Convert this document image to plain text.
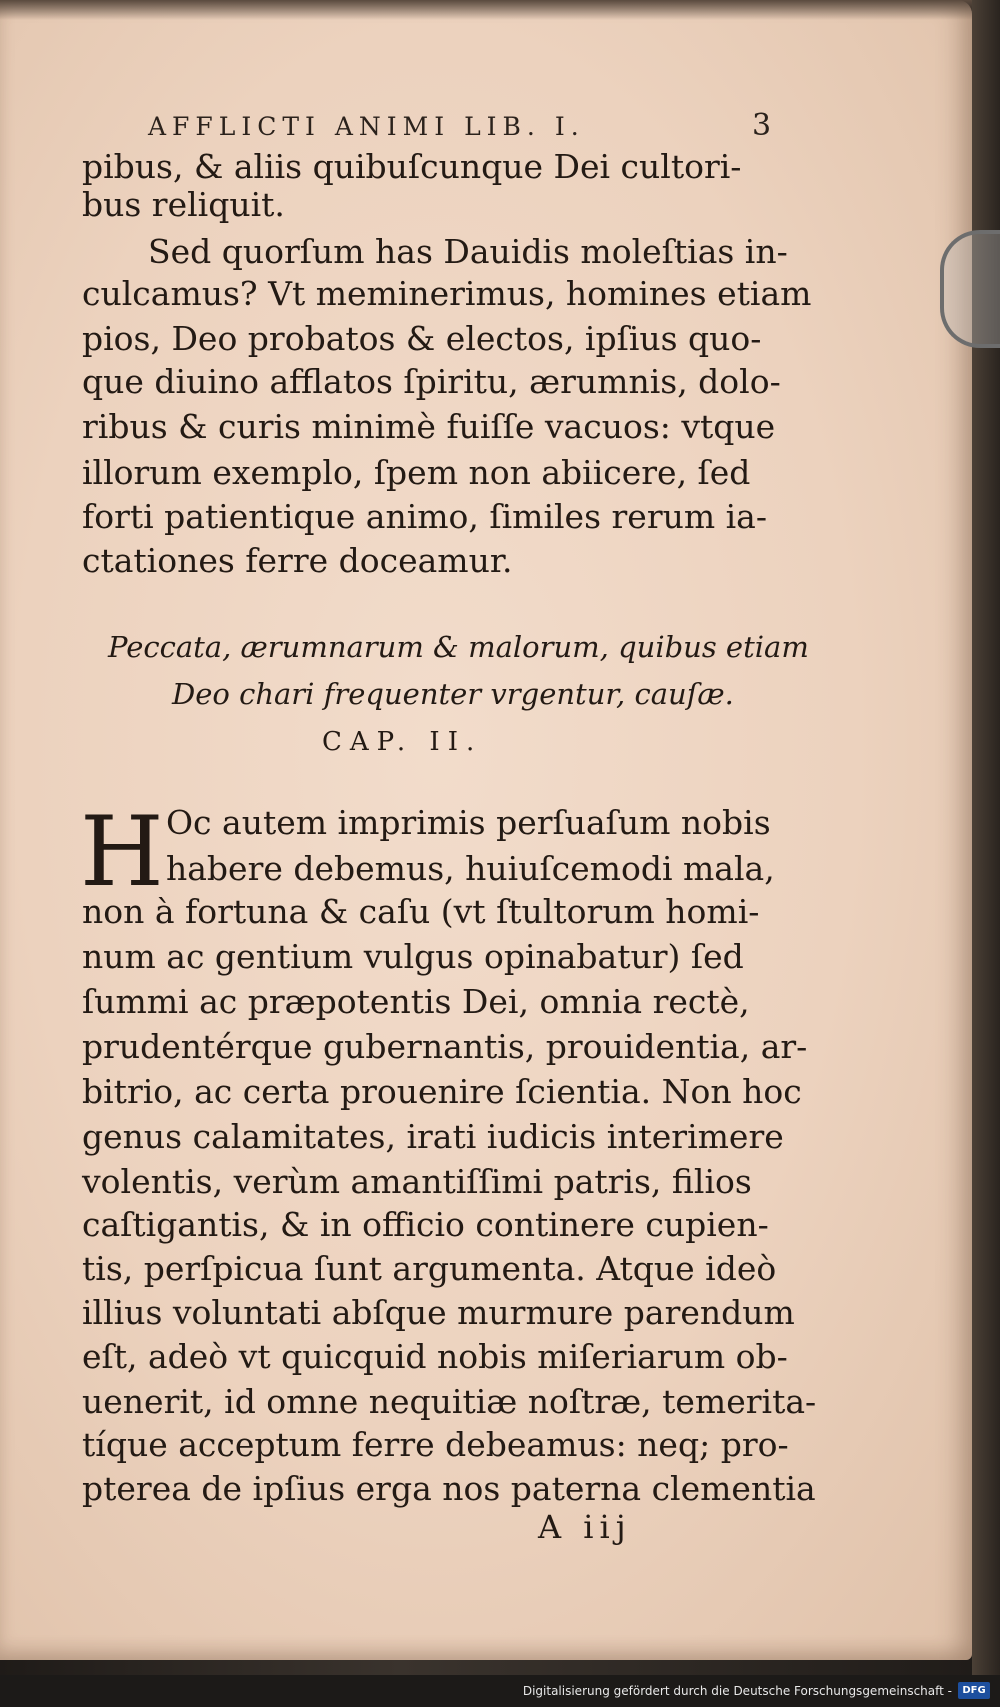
AFFLICTI ANIMI LIB. I.	3
pibus, & aliis quibuſcunque Dei cultori-
bus reliquit.
Sed quorſum has Dauidis moleſtias in-
culcamus? Vt meminerimus, homines etiam
pios, Deo probatos & electos, ipſius quo-
que diuino afflatos ſpiritu, ærumnis, dolo-
ribus & curis minimè fuiſſe vacuos: vtque
illorum exemplo, ſpem non abiicere, ſed
forti patientique animo, ſimiles rerum ia-
ctationes ferre doceamur.
Peccata, ærumnarum & malorum, quibus etiam
Deo chari frequenter vrgentur, cauſæ.
CAP. II.
H Oc autem imprimis perſuaſum nobis
habere debemus, huiuſcemodi mala,
non à fortuna & caſu (vt ſtultorum homi-
num ac gentium vulgus opinabatur) ſed
ſummi ac præpotentis Dei, omnia rectè,
prudentérque gubernantis, prouidentia, ar-
bitrio, ac certa prouenire ſcientia. Non hoc
genus calamitates, irati iudicis interimere
volentis, verùm amantiſſimi patris, filios
caſtigantis, & in officio continere cupien-
tis, perſpicua ſunt argumenta. Atque ideò
illius voluntati abſque murmure parendum
eſt, adeò vt quicquid nobis miſeriarum ob-
uenerit, id omne nequitiæ noſtræ, temerita-
tíque acceptum ferre debeamus: neq; pro-
pterea de ipſius erga nos paterna clementia
A iij
Digitalisierung gefördert durch die Deutsche Forschungsgemeinschaft -	DFG
